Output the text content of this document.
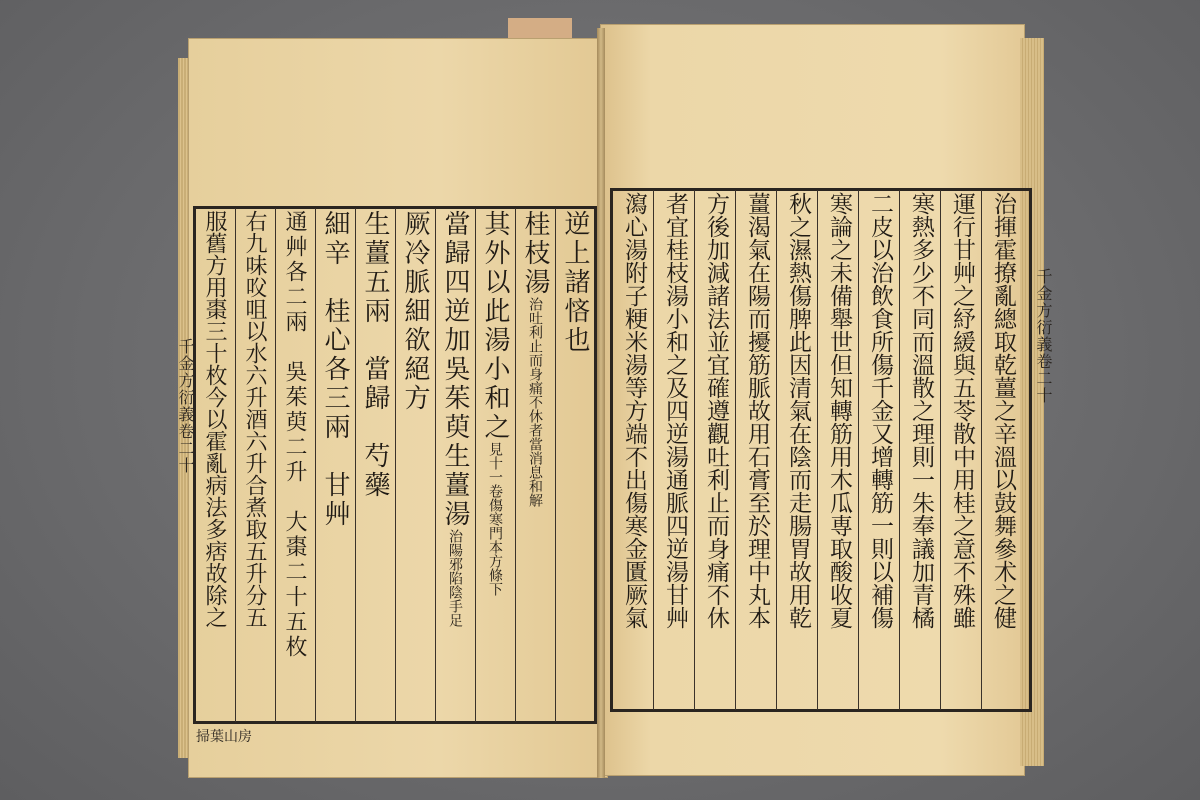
逆上諸悋也
桂枝湯治吐利止而身痛不休者當消息和解
其外以此湯小和之見十一卷傷寒門本方條下
當歸四逆加吳茱萸生薑湯治陽邪陷陰手足
厥冷脈細欲絕方
生薑五兩　當歸　芍藥
細辛　桂心各三兩　甘艸
通艸各二兩　吳茱萸二升　大棗二十五枚
右九味㕮咀以水六升酒六升合煮取五升分五
服舊方用棗三十枚今以霍亂病法多痞故除之
千金方衍義卷二十
掃葉山房
治揮霍撩亂總取乾薑之辛溫以鼓舞參术之健
運行甘艸之紓緩與五苓散中用桂之意不殊雖
寒熱多少不同而溫散之理則一朱奉議加青橘
二皮以治飲食所傷千金又增轉筋一則以補傷
寒論之未備舉世但知轉筋用木瓜専取酸收夏
秋之濕熱傷脾此因清氣在陰而走腸胃故用乾
薑渴氣在陽而擾筋脈故用石膏至於理中丸本
方後加減諸法並宜確遵觀吐利止而身痛不休
者宜桂枝湯小和之及四逆湯通脈四逆湯甘艸
瀉心湯附子粳米湯等方端不出傷寒金匱厥氣	千金方衍義卷二十
